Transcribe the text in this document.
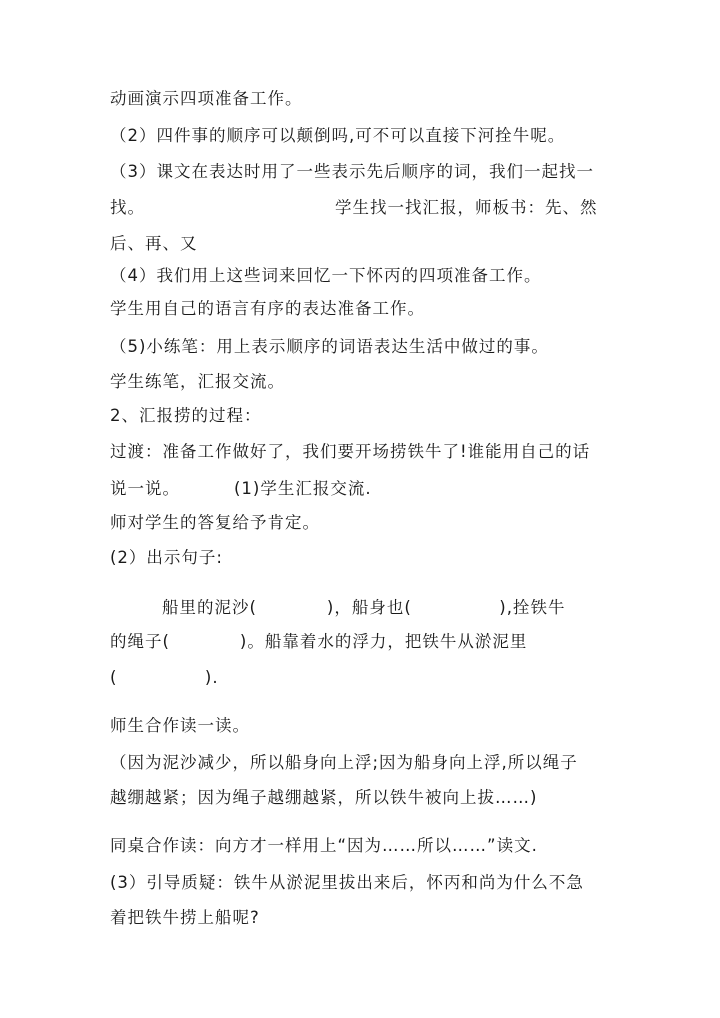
动画演示四项准备工作。
（2）四件事的顺序可以颠倒吗,可不可以直接下河拴牛呢。
（3）课文在表达时用了一些表示先后顺序的词，我们一起找一
找。	学生找一找汇报，师板书：先、然
后、再、又
（4）我们用上这些词来回忆一下怀丙的四项准备工作。
学生用自己的语言有序的表达准备工作。
（5)小练笔：用上表示顺序的词语表达生活中做过的事。
学生练笔，汇报交流。
2、汇报捞的过程：
过渡：准备工作做好了，我们要开场捞铁牛了!谁能用自己的话
说一说。	(1)学生汇报交流.
师对学生的答复给予肯定。
(2）出示句子:
船里的泥沙(　　　　)，船身也(　　　　　),拴铁牛
的绳子(　　　　)。船靠着水的浮力，把铁牛从淤泥里
(　　　　　).
师生合作读一读。
（因为泥沙减少，所以船身向上浮;因为船身向上浮,所以绳子
越绷越紧；因为绳子越绷越紧，所以铁牛被向上拔……)
同桌合作读：向方才一样用上“因为……所以……”读文.
(3）引导质疑：铁牛从淤泥里拔出来后，怀丙和尚为什么不急
着把铁牛捞上船呢?
